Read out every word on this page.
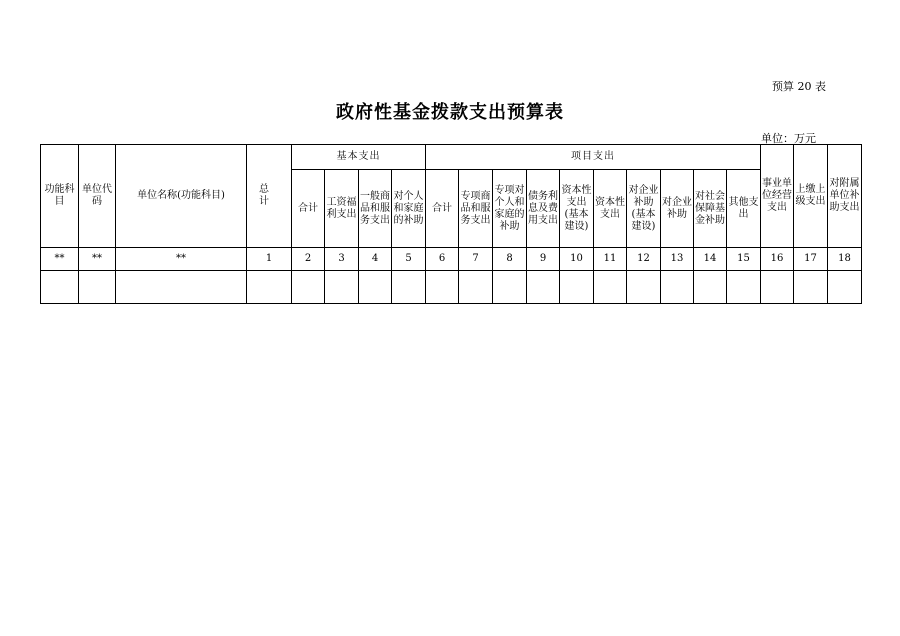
预算 20 表
政府性基金拨款支出预算表
单位：万元
功能科目	单位代码	单位名称(功能科目)	总 计	基本支出				项目支出										事业单位经营支出	上缴上级支出	对附属单位补助支出
				合计	工资福利支出	一般商品和服务支出	对个人和家庭的补助	合计	专项商品和服务支出	专项对个人和家庭的补助	债务利息及费用支出	资本性支出(基本建设)	资本性支出	对企业补助(基本建设)	对企业补助	对社会保障基金补助	其他支出			
**	**	**	1	2	3	4	5	6	7	8	9	10	11	12	13	14	15	16	17	18
